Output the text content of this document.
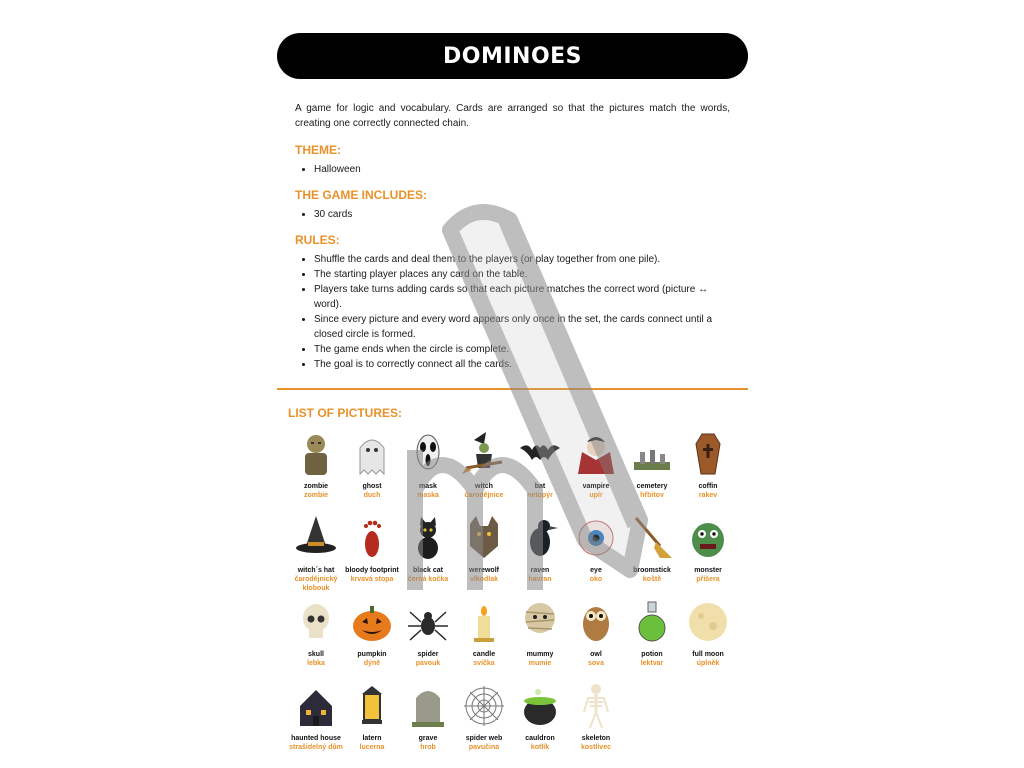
DOMINOES

A game for logic and vocabulary. Cards are arranged so that the pictures match the words, creating one correctly connected chain.

THEME:
• Halloween
THE GAME INCLUDES:
• 30 cards
RULES:
• Shuffle the cards and deal them to the players (or play together from one pile).
• The starting player places any card on the table.
• Players take turns adding cards so that each picture matches the correct word (picture ↔ word).
• Since every picture and every word appears only once in the set, the cards connect until a closed circle is formed.
• The game ends when the circle is complete.
• The goal is to correctly connect all the cards.
LIST OF PICTURES:
zombie
zombie
ghost
duch
mask
maska
witch
čarodějnice
bat
netopýr
vampire
upír
cemetery
hřbitov
coffin
rakev
witch´s hat
čarodějnický klobouk
bloody footprint
krvavá stopa
black cat
černá kočka
werewolf
vlkodlak
raven
havran
eye
oko
broomstick
koště
monster
příšera
skull
lebka
pumpkin
dýně
spider
pavouk
candle
svíčka
mummy
mumie
owl
sova
potion
lektvar
full moon
úplněk
haunted house
strašidelný dům
latern
lucerna
grave
hrob
spider web
pavučina
cauldron
kotlík
skeleton
kostlivec
